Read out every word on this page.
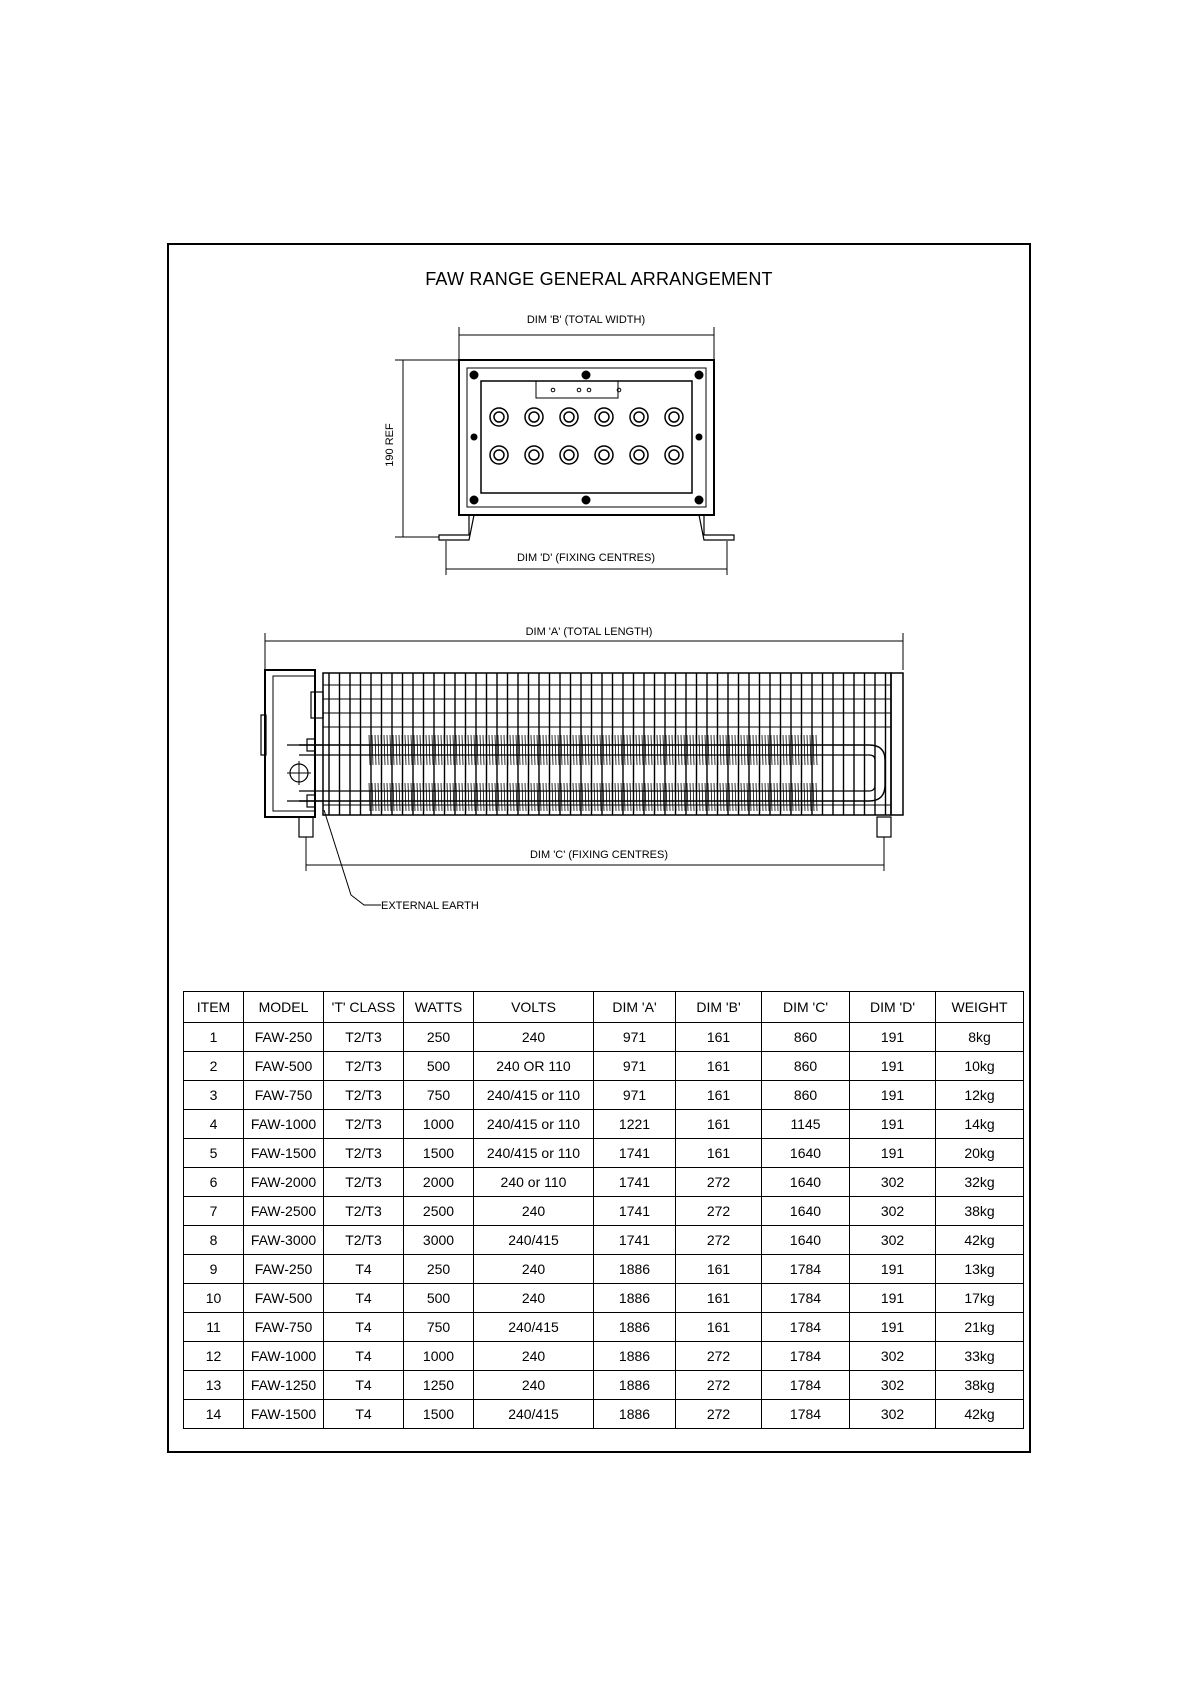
FAW RANGE GENERAL ARRANGEMENT
DIM 'B' (TOTAL WIDTH)
190 REF
DIM 'D' (FIXING CENTRES)
DIM 'A' (TOTAL LENGTH)
DIM 'C' (FIXING CENTRES)
EXTERNAL EARTH
ITEM	MODEL	'T' CLASS	WATTS	VOLTS	DIM 'A'	DIM 'B'	DIM 'C'	DIM 'D'	WEIGHT
1	FAW-250	T2/T3	250	240	971	161	860	191	8kg
2	FAW-500	T2/T3	500	240 OR 110	971	161	860	191	10kg
3	FAW-750	T2/T3	750	240/415 or 110	971	161	860	191	12kg
4	FAW-1000	T2/T3	1000	240/415 or 110	1221	161	1145	191	14kg
5	FAW-1500	T2/T3	1500	240/415 or 110	1741	161	1640	191	20kg
6	FAW-2000	T2/T3	2000	240 or 110	1741	272	1640	302	32kg
7	FAW-2500	T2/T3	2500	240	1741	272	1640	302	38kg
8	FAW-3000	T2/T3	3000	240/415	1741	272	1640	302	42kg
9	FAW-250	T4	250	240	1886	161	1784	191	13kg
10	FAW-500	T4	500	240	1886	161	1784	191	17kg
11	FAW-750	T4	750	240/415	1886	161	1784	191	21kg
12	FAW-1000	T4	1000	240	1886	272	1784	302	33kg
13	FAW-1250	T4	1250	240	1886	272	1784	302	38kg
14	FAW-1500	T4	1500	240/415	1886	272	1784	302	42kg
